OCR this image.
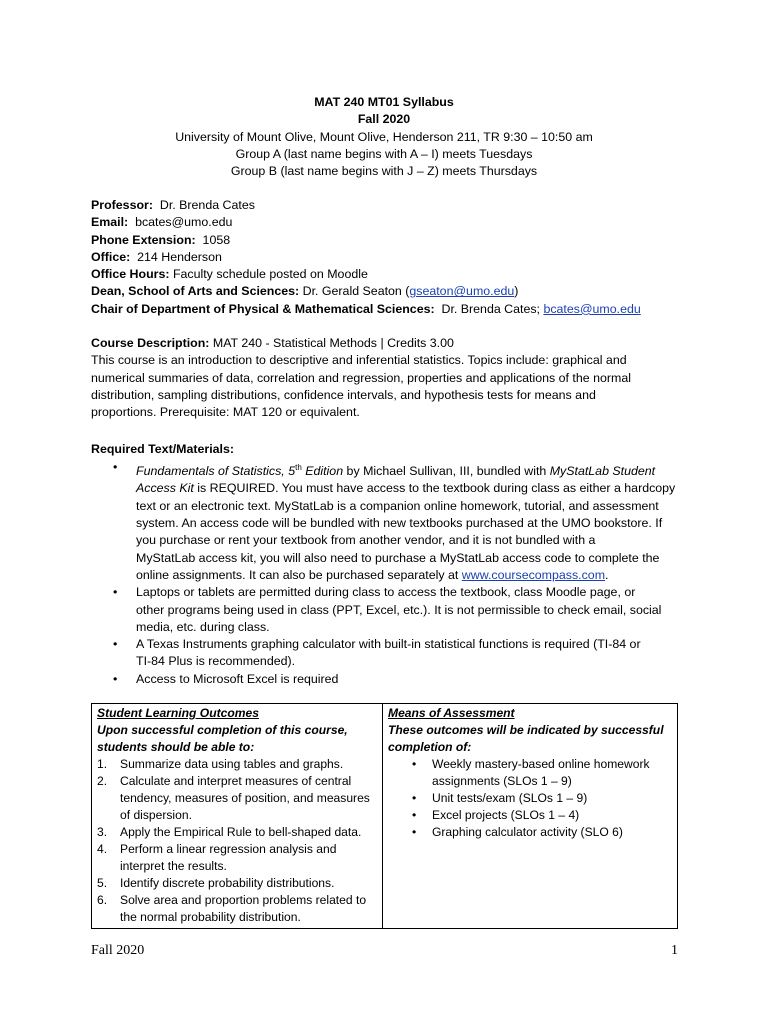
MAT 240 MT01 Syllabus
Fall 2020
University of Mount Olive, Mount Olive, Henderson 211, TR 9:30 – 10:50 am
Group A (last name begins with A – I) meets Tuesdays
Group B (last name begins with J – Z) meets Thursdays
Professor: Dr. Brenda Cates
Email: bcates@umo.edu
Phone Extension: 1058
Office: 214 Henderson
Office Hours: Faculty schedule posted on Moodle
Dean, School of Arts and Sciences: Dr. Gerald Seaton (gseaton@umo.edu)
Chair of Department of Physical & Mathematical Sciences: Dr. Brenda Cates; bcates@umo.edu
Course Description: MAT 240 - Statistical Methods | Credits 3.00
This course is an introduction to descriptive and inferential statistics. Topics include: graphical and
numerical summaries of data, correlation and regression, properties and applications of the normal
distribution, sampling distributions, confidence intervals, and hypothesis tests for means and
proportions. Prerequisite: MAT 120 or equivalent.
Required Text/Materials:
• Fundamentals of Statistics, 5th Edition by Michael Sullivan, III, bundled with MyStatLab Student
Access Kit is REQUIRED. You must have access to the textbook during class as either a hardcopy
text or an electronic text. MyStatLab is a companion online homework, tutorial, and assessment
system. An access code will be bundled with new textbooks purchased at the UMO bookstore. If
you purchase or rent your textbook from another vendor, and it is not bundled with a
MyStatLab access kit, you will also need to purchase a MyStatLab access code to complete the
online assignments. It can also be purchased separately at www.coursecompass.com.
• Laptops or tablets are permitted during class to access the textbook, class Moodle page, or
other programs being used in class (PPT, Excel, etc.). It is not permissible to check email, social
media, etc. during class.
• A Texas Instruments graphing calculator with built-in statistical functions is required (TI-84 or
TI-84 Plus is recommended).
• Access to Microsoft Excel is required
Student Learning Outcomes
Upon successful completion of this course, students should be able to:
1. Summarize data using tables and graphs.
2. Calculate and interpret measures of central tendency, measures of position, and measures of dispersion.
3. Apply the Empirical Rule to bell-shaped data.
4. Perform a linear regression analysis and interpret the results.
5. Identify discrete probability distributions.
6. Solve area and proportion problems related to the normal probability distribution.

Means of Assessment
These outcomes will be indicated by successful completion of:
• Weekly mastery-based online homework assignments (SLOs 1 – 9)
• Unit tests/exam (SLOs 1 – 9)
• Excel projects (SLOs 1 – 4)
• Graphing calculator activity (SLO 6)
Fall 2020	1
